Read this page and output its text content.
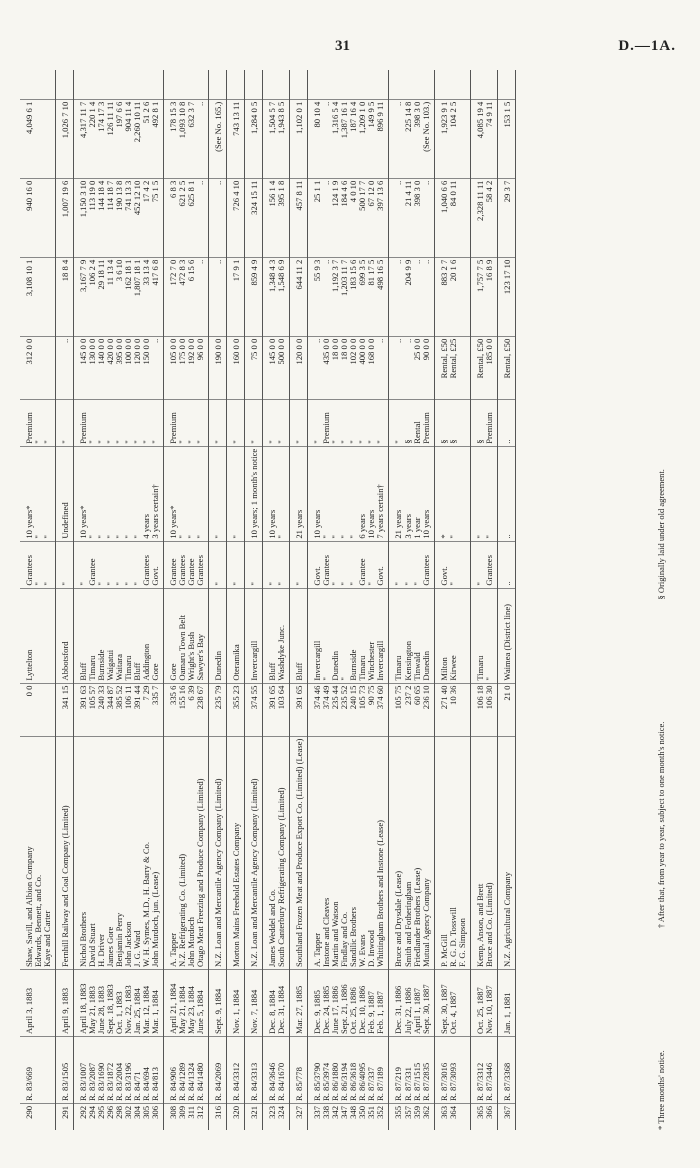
31	D.—1A.
290	R. 83/669	April 3, 1883	Shaw, Savill, and Albion Company	0 0	Lyttelton	Grantees	10 years*	Premium	312 0 0	3,108 10 1	940 16 0	4,049 6 1	
			Edwards, Bennett, and Co.			"	"	"					
			Kaye and Carter			"	"	"					
291	R. 83/1505	April 9, 1883	Fernhill Railway and Coal Company (Limited)	341 15	Abbotsford	"	Undefined	"	..	18 8 4	1,007 19 6	1,026 7 10	
292	R. 83/1007	April 18, 1883	Nichol Brothers	391 63	Bluff	"	10 years*	Premium	145 0 0	3,167 7 9	1,150 3 10	4,317 11 7	
294	R. 83/2087	May 21, 1883	David Stuart	105 57	Timaru	Grantee	"	"	130 0 0	106 2 4	113 19 0	220 1 4	
295	R. 83/1690	June 28, 1883	H. Driver	240 33	Burnside	"	"	"	140 0 0	29 18 11	144 18 4	174 17 3	
296	R. 83/1872	Sept. 18, 1883	James Gore	344 87	Waigatui	"	"	"	420 0 0	11 13 4	114 18 7	126 11 11	
298	R. 83/2004	Oct. 1, 1883	Benjamin Perry	385 52	Waitara	"	"	"	395 0 0	3 6 10	190 13 8	197 6 6	
302	R. 83/3196	Nov. 22, 1883	John Jackson	106 11	Timaru	"	"	"	100 0 0	162 18 1	741 13 3	904 11 4	
304	R. 84/71	Jan. 25, 1884	J. G. Ward	391 44	Bluff	"	"	"	120 0 0	1,807 18 1	452 12 10	2,260 10 11	
305	R. 84/694	Mar. 12, 1884	W. H. Symes, M.D., H. Barry & Co.	7 29	Addington	Grantees	4 years	"	150 0 0	33 13 4	17 4 2	51 2 6	
306	R. 84/813	Mar. 1, 1884	John Murdoch, jun. (Lease)	335 7	Gore	Govt.	3 years certain†	"	..	417 6 8	75 1 5	492 8 1	
308	R. 84/906	April 21, 1884	A. Tapper	335 6	Gore	Grantee	10 years*	Premium	105 0 0	172 7 0	6 8 3	178 15 3	
309	R. 84/1289	May 21, 1884	N.Z. Refrigerating Co. (Limited)	155 16	Oamaru Town Belt	Grantees	"	"	175 0 0	472 8 3	621 2 5	1,093 10 8	
311	R. 84/1324	May 23, 1884	John Murdoch	6 39	Wright's Bush	Grantee	"	"	192 0 0	6 15 6	625 8 1	632 3 7	
312	R. 84/1480	June 5, 1884	Otago Meat Freezing and Produce Company (Limited)	238 67	Sawyer's Bay	Grantees	"	"	96 0 0	..	..	..	
316	R. 84/2069	Sept. 9, 1884	N.Z. Loan and Mercantile Agency Company (Limited)	235 79	Dunedin	"	"	"	190 0 0	..	..	(See No. 165.)	
320	R. 84/3312	Nov. 1, 1884	Morton Mains Freehold Estates Company	355 23	Oteramika	"	"	"	160 0 0	17 9 1	726 4 10	743 13 11	
321	R. 84/3313	Nov. 7, 1884	N.Z. Loan and Mercantile Agency Company (Limited)	374 55	Invercargill	"	10 years; 1 month's notice	"	75 0 0	859 4 9	324 15 11	1,284 0 5	
323	R. 84/3646	Dec. 8, 1884	James Weddel and Co.	391 65	Bluff	"	10 years	"	145 0 0	1,348 4 3	156 1 4	1,504 5 7	
324	R. 84/1670	Dec. 31, 1884	South Canterbury Refrigerating Company (Limited)	103 64	Washdyke Junc.	"	"	"	500 0 0	1,548 6 9	395 1 8	1,943 8 5	
327	R. 85/778	Mar. 27, 1885	Southland Frozen Meat and Produce Export Co. (Limited) (Lease)	391 65	Bluff	"	21 years	"	120 0 0	644 11 2	457 8 11	1,102 0 1	
337	R. 85/3790	Dec. 9, 1885	A. Tapper	374 46	Invercargill	Govt.	10 years	"	..	55 9 3	25 1 1	80 10 4	
338	R. 85/3974	Dec. 24, 1885	Instone and Cleaves	374 49	"	Grantees	"	Premium	435 0 0	..	..	..	
342	R. 86/1880	June 17, 1886	Martin and Watson	235 44	Dunedin	"	"	"	18 0 0	1,192 3 7	124 1 9	1,316 5 4	
347	R. 86/3194	Sept. 21, 1886	Findlay and Co.	235 52	"	"	"	"	18 0 0	1,203 11 7	184 4 6	1,387 16 1	
348	R. 86/3618	Oct. 25, 1886	Sandilic Brothers	240 15	Burnside	"	"	"	102 0 0	183 15 6	4 0 10	187 16 4	
350	R. 86/4095	Dec. 10, 1886	W. Evans	105 73	Timaru	Grantee	6 years	"	400 0 0	699 3 5	500 17 7	1,209 1 0	
351	R. 87/337	Feb. 9, 1887	D. Inwood	90 75	Winchester	"	10 years	"	168 0 0	81 17 5	67 12 0	149 9 5	
352	R. 87/189	Feb. 1, 1887	Whittingham Brothers and Instone (Lease)	374 60	Invercargill	Govt.	7 years certain†	"	..	498 16 5	397 13 6	896 9 11	
355	R. 87/219	Dec. 31, 1886	Bruce and Drysdale (Lease)	105 75	Timaru	"	21 years	"	..	..	..	..	
357	R. 87/331	July 22, 1886	Smith and Fotheringham	237 2	Kensington	"	3 years	§	..	204 9 9	21 4 11	225 14 8	
359	R. 87/1515	April 1, 1887	Friedlander Brothers (Lease)	60 65	Tinwald	"	1 year	Rental	25 0 0	..	398 3 0	398 3 0	
362	R. 87/2835	Sept. 30, 1887	Mutual Agency Company	236 10	Dunedin	Grantees	10 years	Premium	90 0 0	..	..	(See No. 103.)	
363	R. 87/3016	Sept. 30, 1887	P. McGill	271 40	Milton	Govt.	*	§	Rental, £50	883 2 7	1,040 6 6	1,923 9 1	
364	R. 87/3093	Oct. 4, 1887	R. G. D. Tosswill	10 36	Kirwee	"	"	§	Rental, £25	20 1 6	84 0 11	104 2 5	
			F. G. Simpson										
365	R. 87/3312	Oct. 25, 1887	Kemp, Anson, and Brett	106 18	Timaru	"	"	§	Rental, £50	1,757 7 5	2,328 11 11	4,085 19 4	
366	R. 87/3446	Nov. 10, 1887	Bruce and Co. (Limited)	106 30	"	Grantees	"	Premium	185 0 0	16 8 9	58 4 2	74 9 11	
367	R. 87/3368	Jan. 1, 1881	N.Z. Agricultural Company	21 0	Waimea (District line)	..	..	..	Rental, £50	123 17 10	29 3 7	153 1 5	
* Three months' notice. † After that, from year to year, subject to one month's notice. § Originally laid under old agreement.
